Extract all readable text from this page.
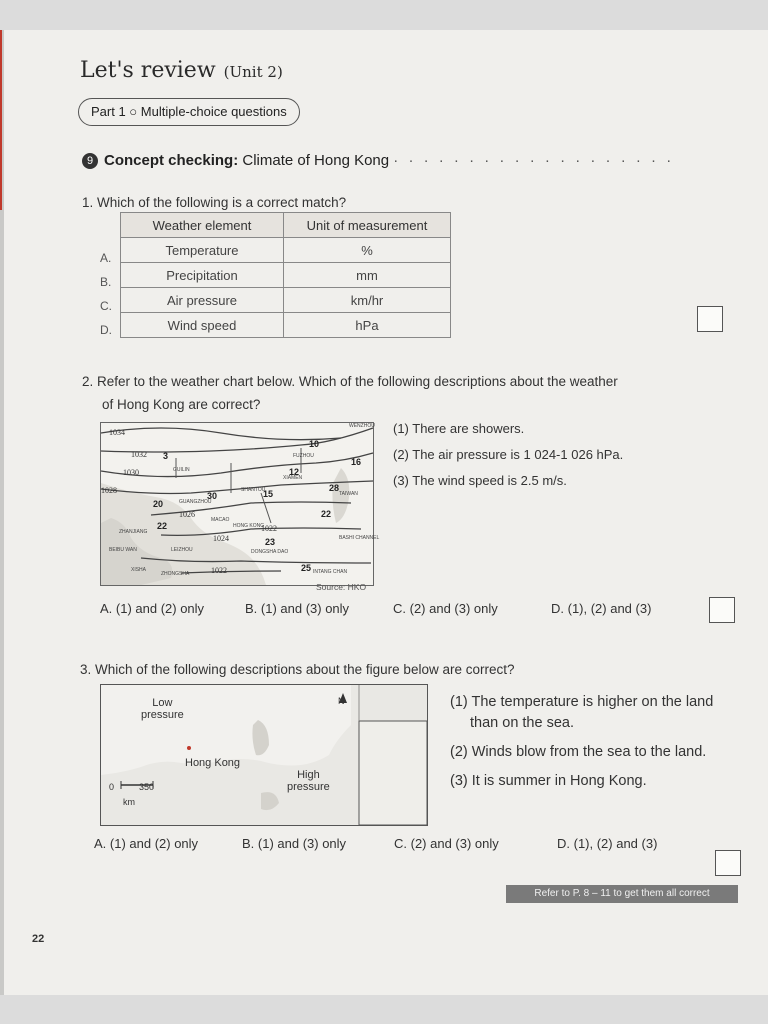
Let's review (Unit 2)
Part 1 ○ Multiple-choice questions
9 Concept checking: Climate of Hong Kong · · · · · · · · · · · · · · · · · · ·
1. Which of the following is a correct match?
Weather element	Unit of measurement
Temperature	%
Precipitation	mm
Air pressure	km/hr
Wind speed	hPa
A.
B.
C.
D.
2. Refer to the weather chart below. Which of the following descriptions about the weather
of Hong Kong are correct?
1034
1032
1030
1028
1026
1024
1022
1022
WENZHOU
FUZHOU
GUILIN
XIAMEN
TAIWAN
SHANTOU
GUANGZHOU
MACAO
HONG KONG
BASHI CHANNEL
ZHANJIANG
LEIZHOU	DONGSHA DAO
XISHA
ZHONGSHA
BEIBU WAN
INTANG CHAN
10
16
12
3
15
30
28
22
20
22
23
25
Source: HKO
(1) There are showers.
(2) The air pressure is 1 024-1 026 hPa.
(3) The wind speed is 2.5 m/s.
A. (1) and (2) only	B. (1) and (3) only	C. (2) and (3) only	D. (1), (2) and (3)
3. Which of the following descriptions about the figure below are correct?
Low
pressure
Hong Kong
High
pressure
N
0	350
km

(1) The temperature is higher on the land than on the sea.

(2) Winds blow from the sea to the land.

(3) It is summer in Hong Kong.

A. (1) and (2) only	B. (1) and (3) only	C. (2) and (3) only	D. (1), (2) and (3)
Refer to P. 8 – 11 to get them all correct
22
